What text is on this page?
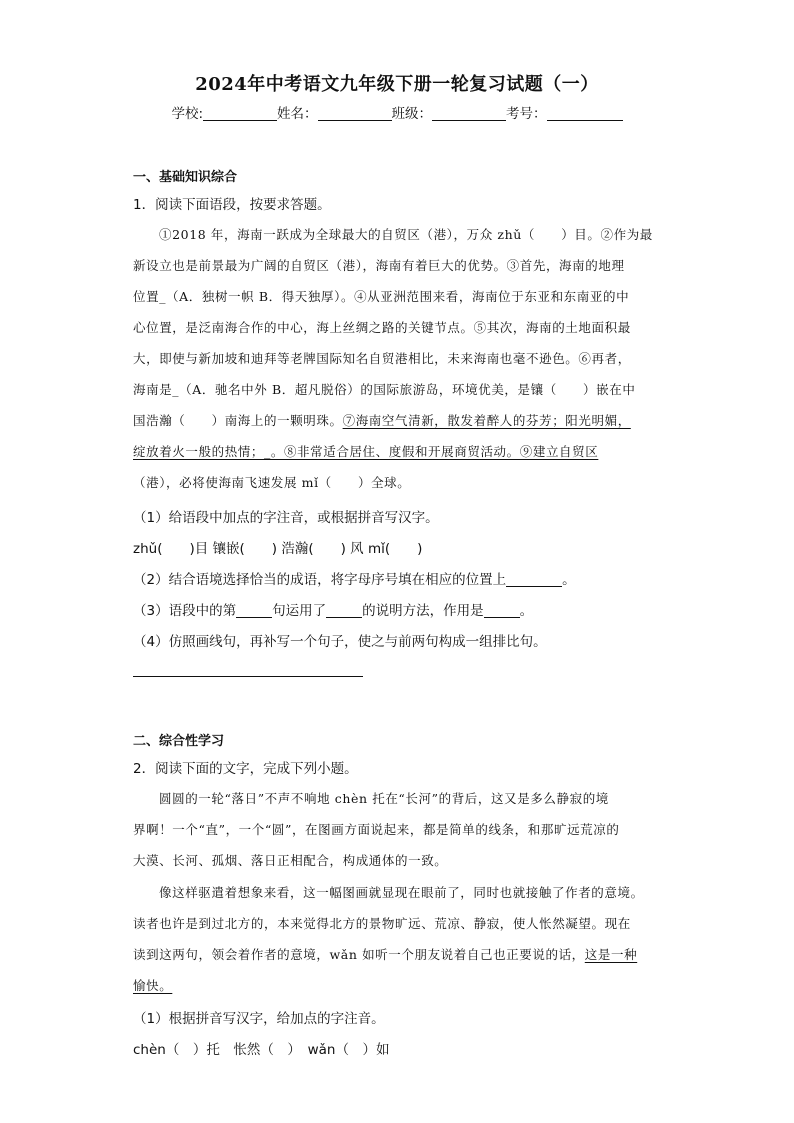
2024年中考语文九年级下册一轮复习试题（一）
学校:	姓名：	班级：	考号：
一、基础知识综合
1．阅读下面语段，按要求答题。
①2018 年，海南一跃成为全球最大的自贸区（港），万众 zhǔ（　　）目。②作为最
新设立也是前景最为广阔的自贸区（港），海南有着巨大的优势。③首先，海南的地理
位置_（A．独树一帜 B．得天独厚）。④从亚洲范围来看，海南位于东亚和东南亚的中
心位置，是泛南海合作的中心，海上丝绸之路的关键节点。⑤其次，海南的土地面积最
大，即使与新加坡和迪拜等老牌国际知名自贸港相比，未来海南也毫不逊色。⑥再者，
海南是_（A．驰名中外 B．超凡脱俗）的国际旅游岛，环境优美，是镶（　　）嵌在中
国浩瀚（　　）南海上的一颗明珠。⑦海南空气清新，散发着醉人的芬芳；阳光明媚，
绽放着火一般的热情；_。⑧非常适合居住、度假和开展商贸活动。⑨建立自贸区
（港），必将使海南飞速发展 mǐ（　　）全球。
（1）给语段中加点的字注音，或根据拼音写汉字。
zhǔ(　　)目 镶嵌(　　) 浩瀚(　　) 风 mǐ(　　)
（2）结合语境选择恰当的成语，将字母序号填在相应的位置上	。
（3）语段中的第	句运用了	的说明方法，作用是	。
（4）仿照画线句，再补写一个句子，使之与前两句构成一组排比句。
二、综合性学习
2．阅读下面的文字，完成下列小题。
圆圆的一轮“落日”不声不响地 chèn 托在“长河”的背后，这又是多么静寂的境
界啊！一个“直”，一个“圆”，在图画方面说起来，都是简单的线条，和那旷远荒凉的
大漠、长河、孤烟、落日正相配合，构成通体的一致。
像这样驱遣着想象来看，这一幅图画就显现在眼前了，同时也就接触了作者的意境。
读者也许是到过北方的，本来觉得北方的景物旷远、荒凉、静寂，使人怅然凝望。现在
读到这两句，领会着作者的意境，wǎn 如听一个朋友说着自己也正要说的话，这是一种
愉快。
（1）根据拼音写汉字，给加点的字注音。
chèn（　）托　怅然（　）　wǎn（　）如
